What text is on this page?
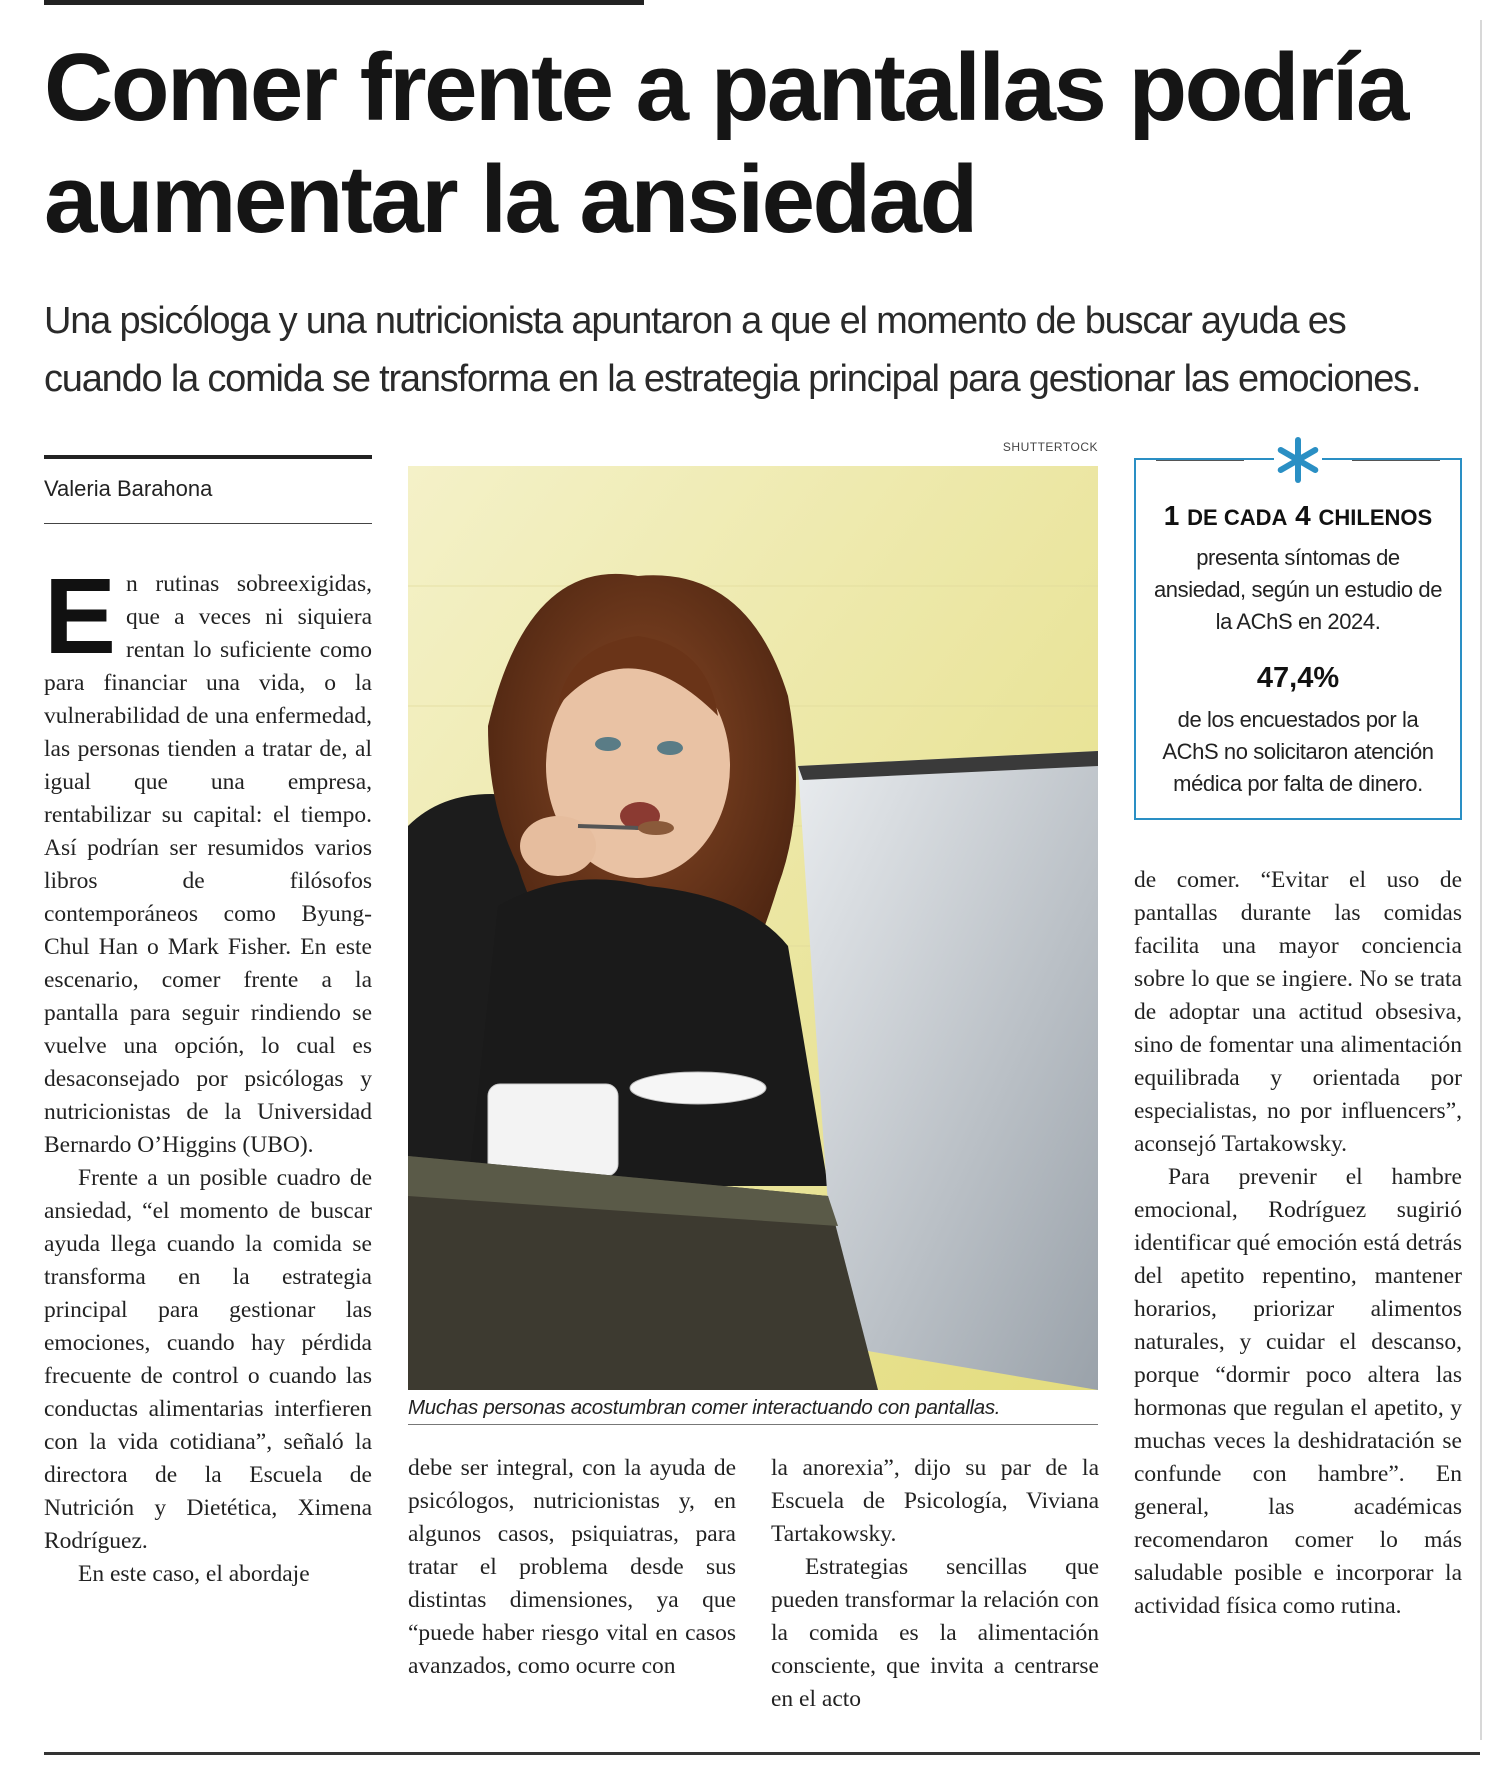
Comer frente a pantallas podría aumentar la ansiedad

Una psicóloga y una nutricionista apuntaron a que el momento de buscar ayuda es cuando la comida se transforma en la estrategia principal para gestionar las emociones.

Valeria Barahona

En rutinas sobreexigidas, que a veces ni siquiera rentan lo suficiente como para financiar una vida, o la vulnerabilidad de una enfermedad, las personas tienden a tratar de, al igual que una empresa, rentabilizar su capital: el tiempo. Así podrían ser resumidos varios libros de filósofos contemporáneos como Byung-Chul Han o Mark Fisher. En este escenario, comer frente a la pantalla para seguir rindiendo se vuelve una opción, lo cual es desaconsejado por psicólogas y nutricionistas de la Universidad Bernardo O’Higgins (UBO).

Frente a un posible cuadro de ansiedad, “el momento de buscar ayuda llega cuando la comida se transforma en la estrategia principal para gestionar las emociones, cuando hay pérdida frecuente de control o cuando las conductas alimentarias interfieren con la vida cotidiana”, señaló la directora de la Escuela de Nutrición y Dietética, Ximena Rodríguez.

En este caso, el abordaje

SHUTTERTOCK
Muchas personas acostumbran comer interactuando con pantallas.
1 DE CADA 4 CHILENOS
presenta síntomas de ansiedad, según un estudio de la AChS en 2024.
47,4%
de los encuestados por la AChS no solicitaron atención médica por falta de dinero.

debe ser integral, con la ayuda de psicólogos, nutricionistas y, en algunos casos, psiquiatras, para tratar el problema desde sus distintas dimensiones, ya que “puede haber riesgo vital en casos avanzados, como ocurre con

la anorexia”, dijo su par de la Escuela de Psicología, Viviana Tartakowsky.

Estrategias sencillas que pueden transformar la relación con la comida es la alimentación consciente, que invita a centrarse en el acto

de comer. “Evitar el uso de pantallas durante las comidas facilita una mayor conciencia sobre lo que se ingiere. No se trata de adoptar una actitud obsesiva, sino de fomentar una alimentación equilibrada y orientada por especialistas, no por influencers”, aconsejó Tartakowsky.

Para prevenir el hambre emocional, Rodríguez sugirió identificar qué emoción está detrás del apetito repentino, mantener horarios, priorizar alimentos naturales, y cuidar el descanso, porque “dormir poco altera las hormonas que regulan el apetito, y muchas veces la deshidratación se confunde con hambre”. En general, las académicas recomendaron comer lo más saludable posible e incorporar la actividad física como rutina.
